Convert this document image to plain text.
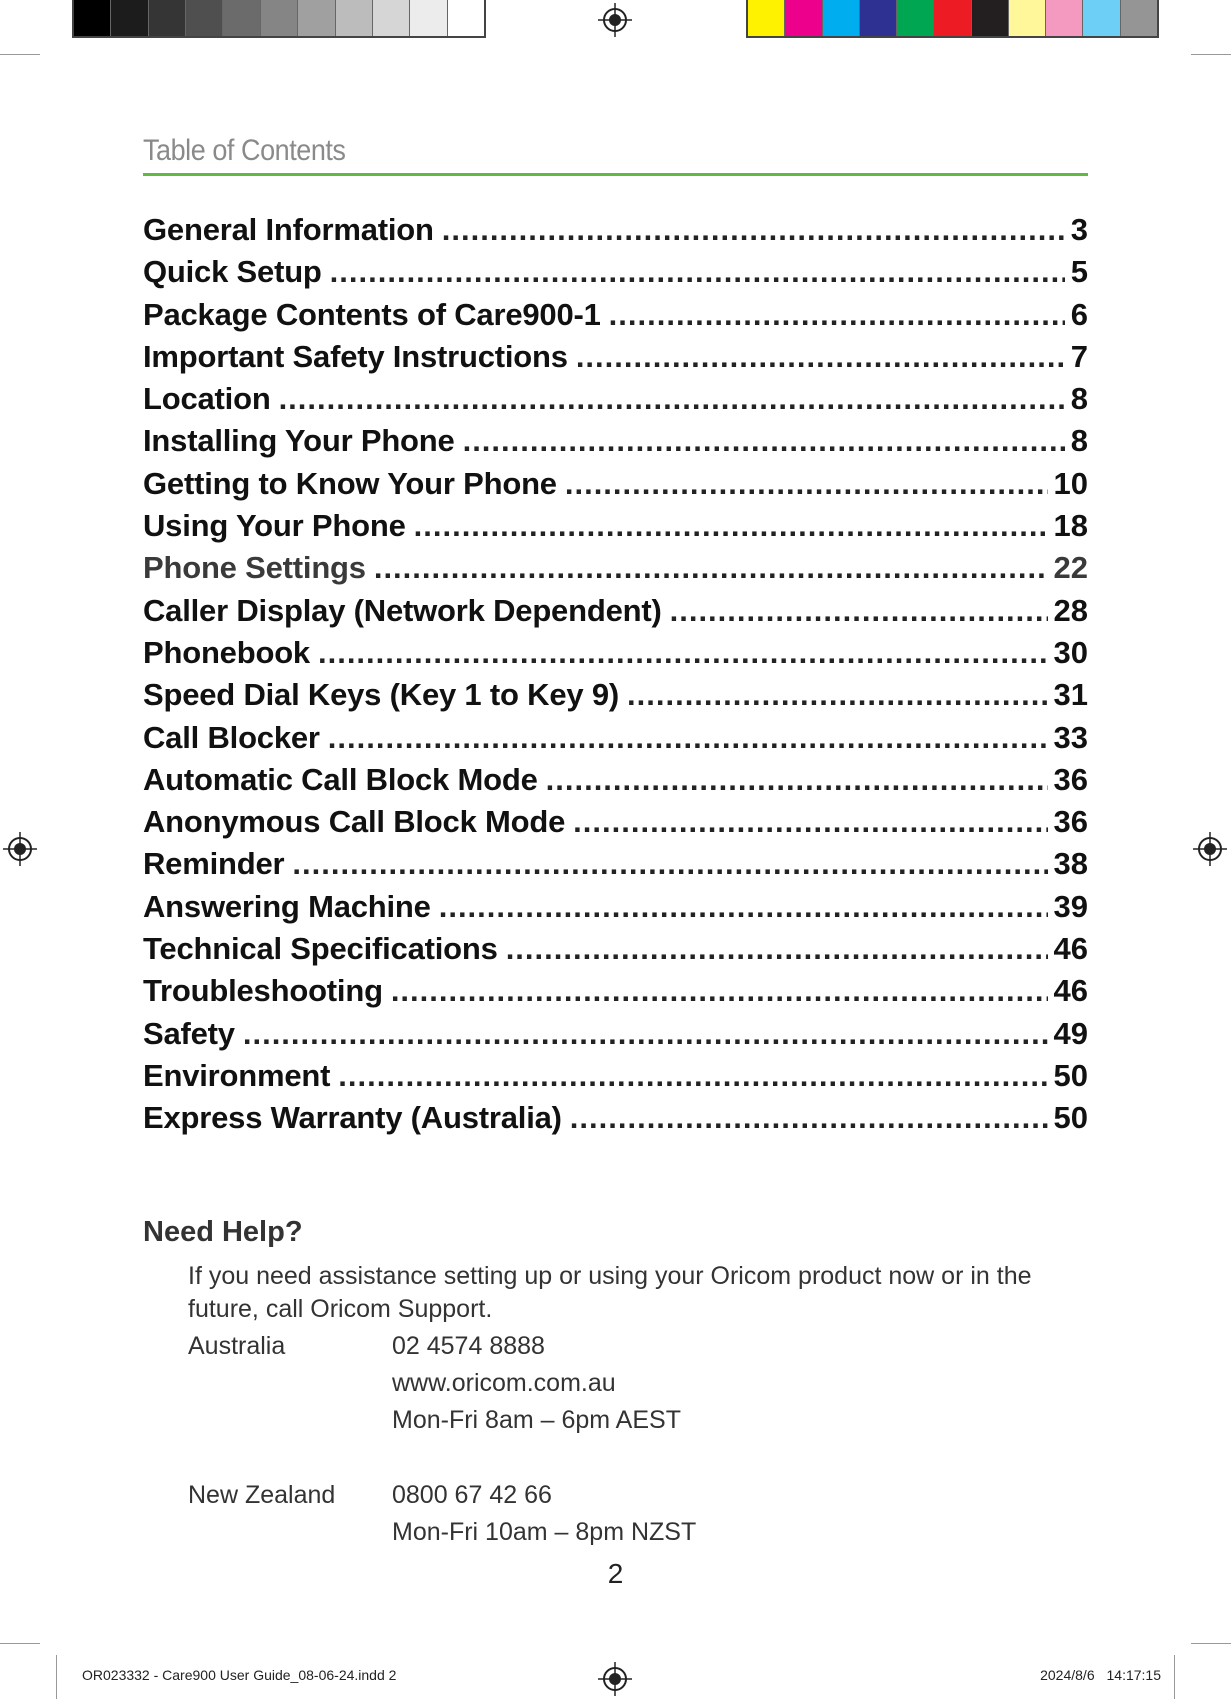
Table of Contents
General Information .....	3
Quick Setup .....	5
Package Contents of Care900-1 .....	6
Important Safety Instructions .....	7
Location .....	8
Installing Your Phone .....	8
Getting to Know Your Phone .....	10
Using Your Phone .....	18
Phone Settings .....	22
Caller Display (Network Dependent) .....	28
Phonebook .....	30
Speed Dial Keys (Key 1 to Key 9) .....	31
Call Blocker .....	33
Automatic Call Block Mode .....	36
Anonymous Call Block Mode .....	36
Reminder .....	38
Answering Machine .....	39
Technical Specifications .....	46
Troubleshooting .....	46
Safety .....	49
Environment .....	50
Express Warranty (Australia) .....	50
Need Help?
If you need assistance setting up or using your Oricom product now or in the future, call Oricom Support.
Australia	02 4574 8888
www.oricom.com.au
Mon-Fri 8am – 6pm AEST
New Zealand 0800 67 42 66
Mon-Fri 10am – 8pm NZST
2
OR023332 - Care900 User Guide_08-06-24.indd 2	2024/8/6 14:17:15
